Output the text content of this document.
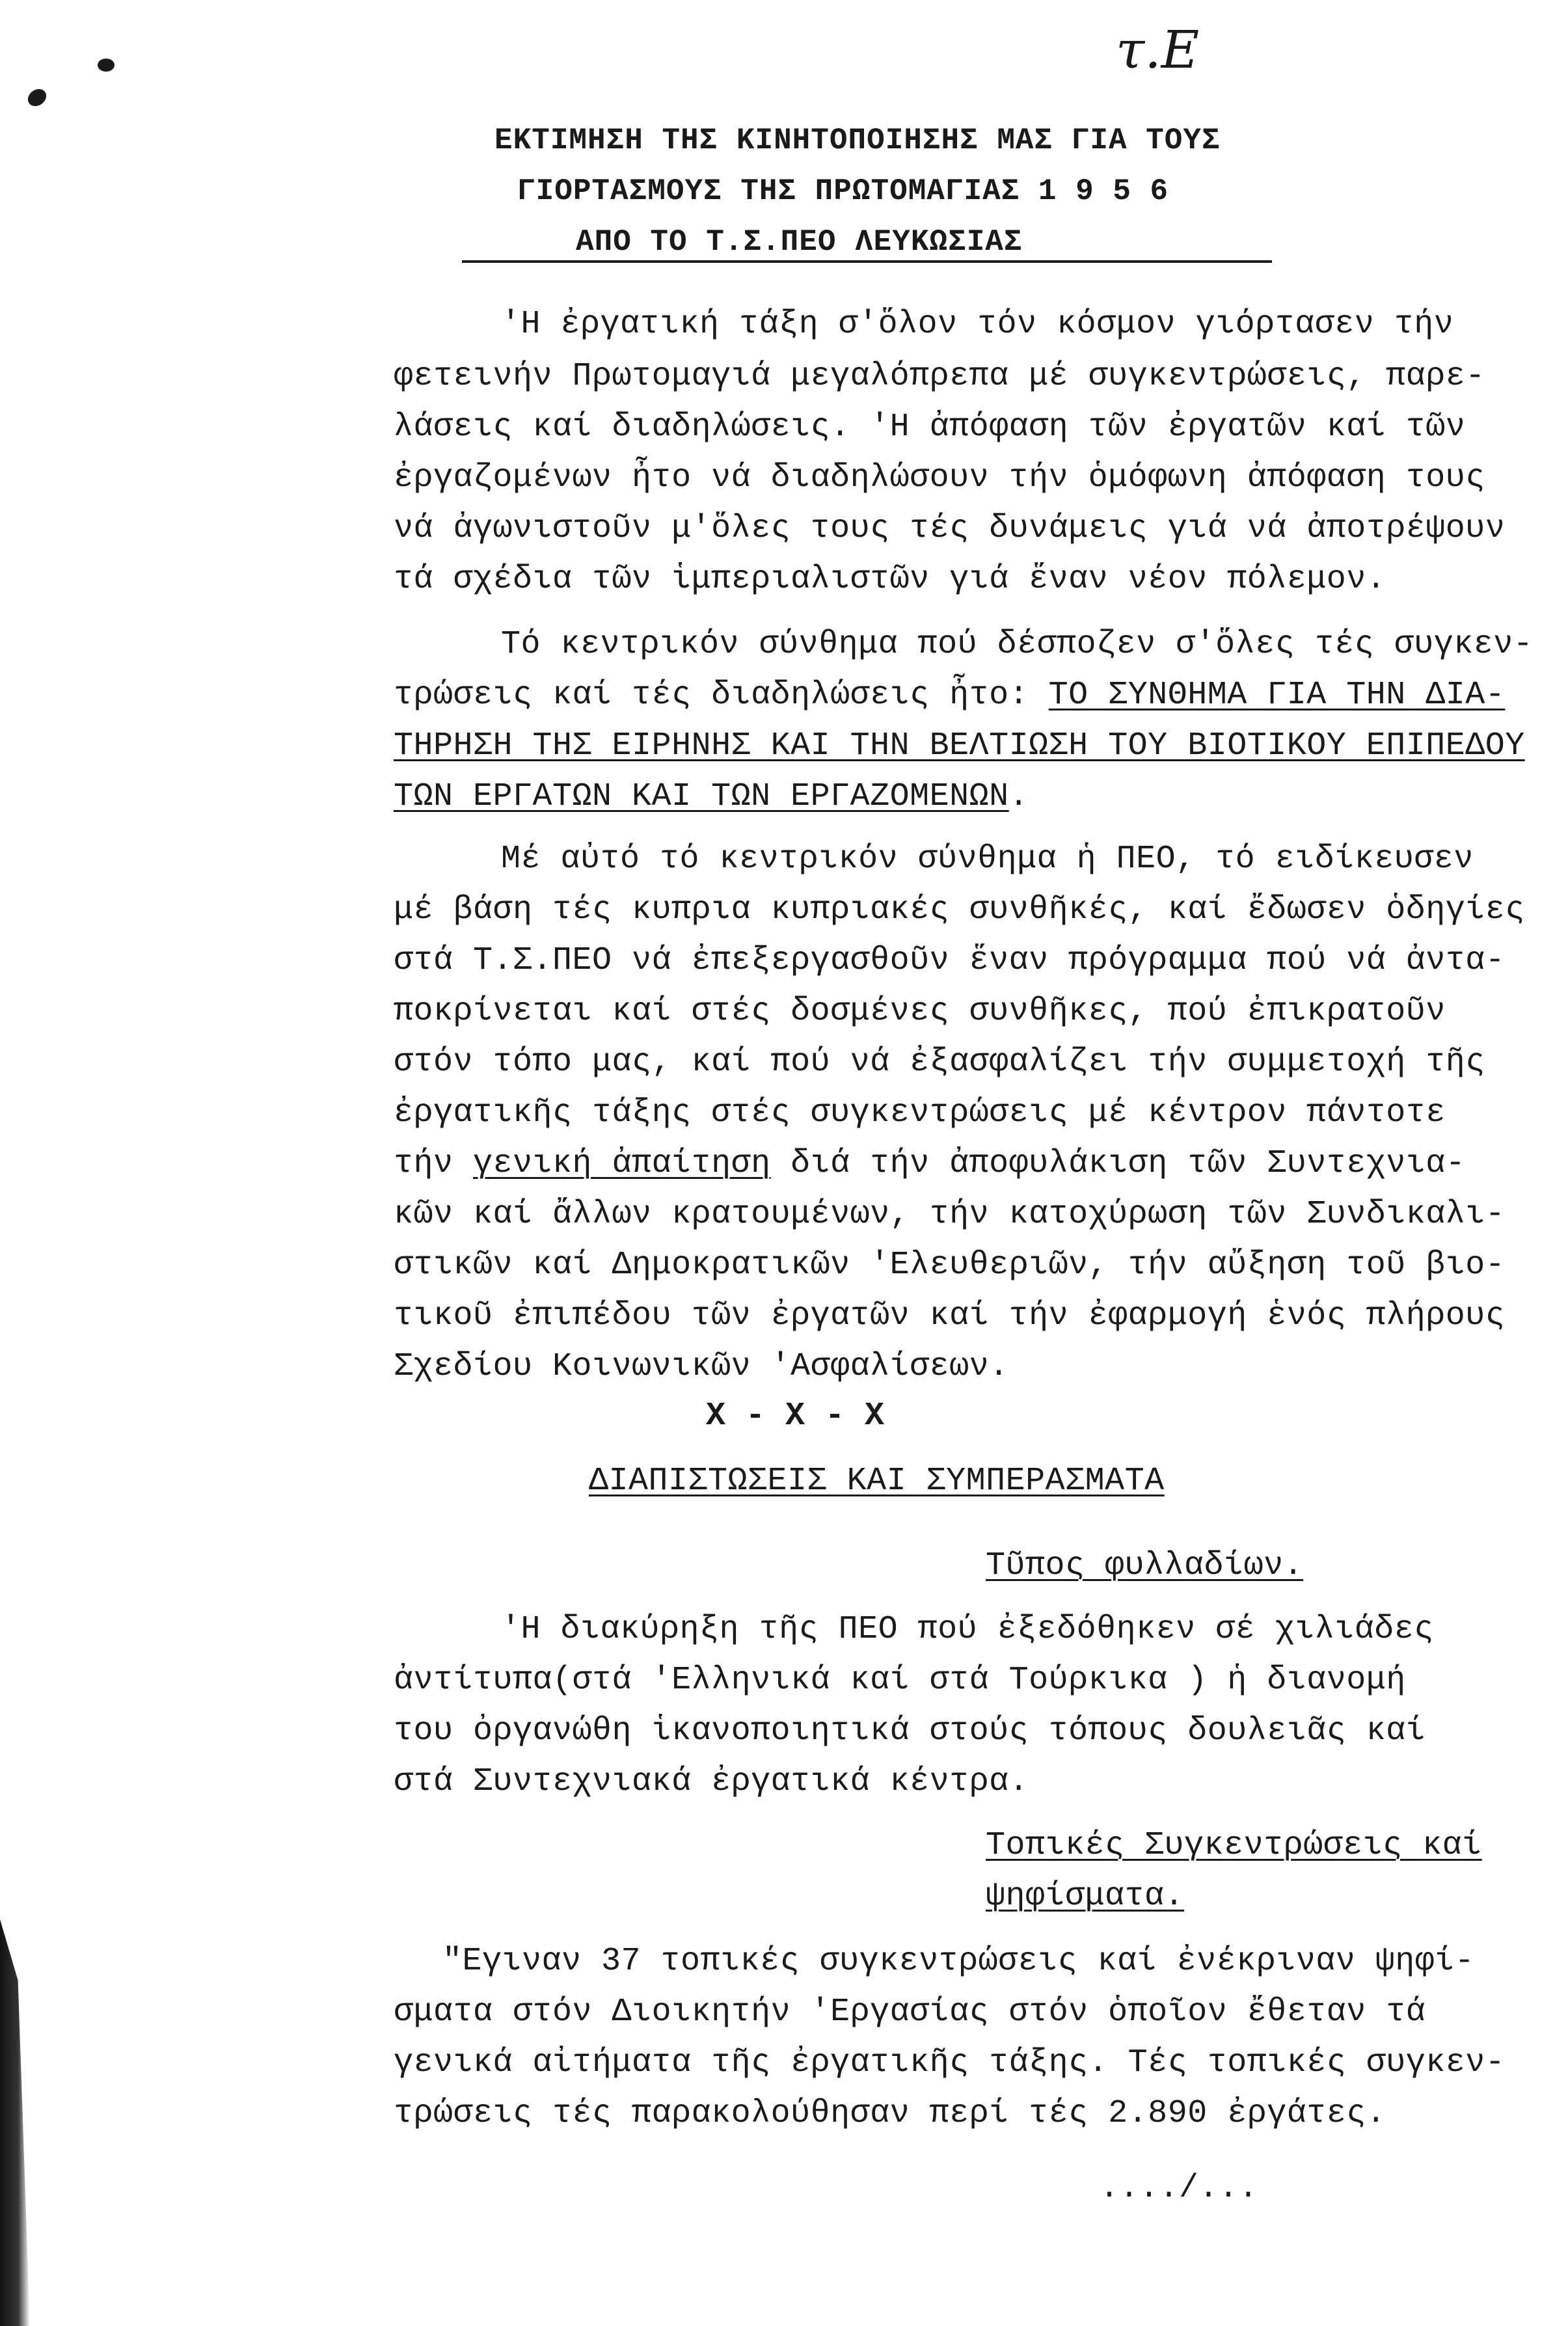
τ.Ε
ΕΚΤΙΜΗΣΗ ΤΗΣ ΚΙΝΗΤΟΠΟΙΗΣΗΣ ΜΑΣ ΓΙΑ ΤΟΥΣ
ΓΙΟΡΤΑΣΜΟΥΣ ΤΗΣ ΠΡΩΤΟΜΑΓΙΑΣ 1 9 5 6
ΑΠΟ ΤΟ Τ.Σ.ΠΕΟ ΛΕΥΚΩΣΙΑΣ
'Η ἐργατική τάξη σ'ὅλον τόν κόσμον γιόρτασεν τήν
φετεινήν Πρωτομαγιά μεγαλόπρεπα μέ συγκεντρώσεις, παρε-
λάσεις καί διαδηλώσεις. 'Η ἀπόφαση τῶν ἐργατῶν καί τῶν
ἐργαζομένων ἦτο νά διαδηλώσουν τήν ὁμόφωνη ἀπόφαση τους
νά ἀγωνιστοῦν μ'ὅλες τους τές δυνάμεις γιά νά ἀποτρέψουν
τά σχέδια τῶν ἱμπεριαλιστῶν γιά ἕναν νέον πόλεμον.
Τό κεντρικόν σύνθημα πού δέσποζεν σ'ὅλες τές συγκεν-
τρώσεις καί τές διαδηλώσεις ἦτο: ΤΟ ΣΥΝΘΗΜΑ ΓΙΑ ΤΗΝ ΔΙΑ-
ΤΗΡΗΣΗ ΤΗΣ ΕΙΡΗΝΗΣ ΚΑΙ ΤΗΝ ΒΕΛΤΙΩΣΗ ΤΟΥ ΒΙΟΤΙΚΟΥ ΕΠΙΠΕΔΟΥ
ΤΩΝ ΕΡΓΑΤΩΝ ΚΑΙ ΤΩΝ ΕΡΓΑΖΟΜΕΝΩΝ.
Μέ αὐτό τό κεντρικόν σύνθημα ἡ ΠΕΟ, τό ειδίκευσεν
μέ βάση τές κυπρια κυπριακές συνθῆκές, καί ἔδωσεν ὁδηγίες
στά Τ.Σ.ΠΕΟ νά ἐπεξεργασθοῦν ἕναν πρόγραμμα πού νά ἀντα-
ποκρίνεται καί στές δοσμένες συνθῆκες, πού ἐπικρατοῦν
στόν τόπο μας, καί πού νά ἐξασφαλίζει τήν συμμετοχή τῆς
ἐργατικῆς τάξης στές συγκεντρώσεις μέ κέντρον πάντοτε
τήν γενική ἀπαίτηση διά τήν ἀποφυλάκιση τῶν Συντεχνια-
κῶν καί ἄλλων κρατουμένων, τήν κατοχύρωση τῶν Συνδικαλι-
στικῶν καί Δημοκρατικῶν 'Ελευθεριῶν, τήν αὔξηση τοῦ βιο-
τικοῦ ἐπιπέδου τῶν ἐργατῶν καί τήν ἐφαρμογή ἑνός πλήρους
Σχεδίου Κοινωνικῶν 'Ασφαλίσεων.
X - X - X
ΔΙΑΠΙΣΤΩΣΕΙΣ ΚΑΙ ΣΥΜΠΕΡΑΣΜΑΤΑ
Τῦπος φυλλαδίων.
'Η διακύρηξη τῆς ΠΕΟ πού ἐξεδόθηκεν σέ χιλιάδες
ἀντίτυπα(στά 'Ελληνικά καί στά Τούρκικα ) ἡ διανομή
του ὀργανώθη ἱκανοποιητικά στούς τόπους δουλειᾶς καί
στά Συντεχνιακά ἐργατικά κέντρα.
Τοπικές Συγκεντρώσεις καί
ψηφίσματα.
"Εγιναν 37 τοπικές συγκεντρώσεις καί ἐνέκριναν ψηφί-
σματα στόν Διοικητήν 'Εργασίας στόν ὁποῖον ἔθεταν τά
γενικά αἰτήματα τῆς ἐργατικῆς τάξης. Τές τοπικές συγκεν-
τρώσεις τές παρακολούθησαν περί τές 2.890 ἐργάτες.
..../...
